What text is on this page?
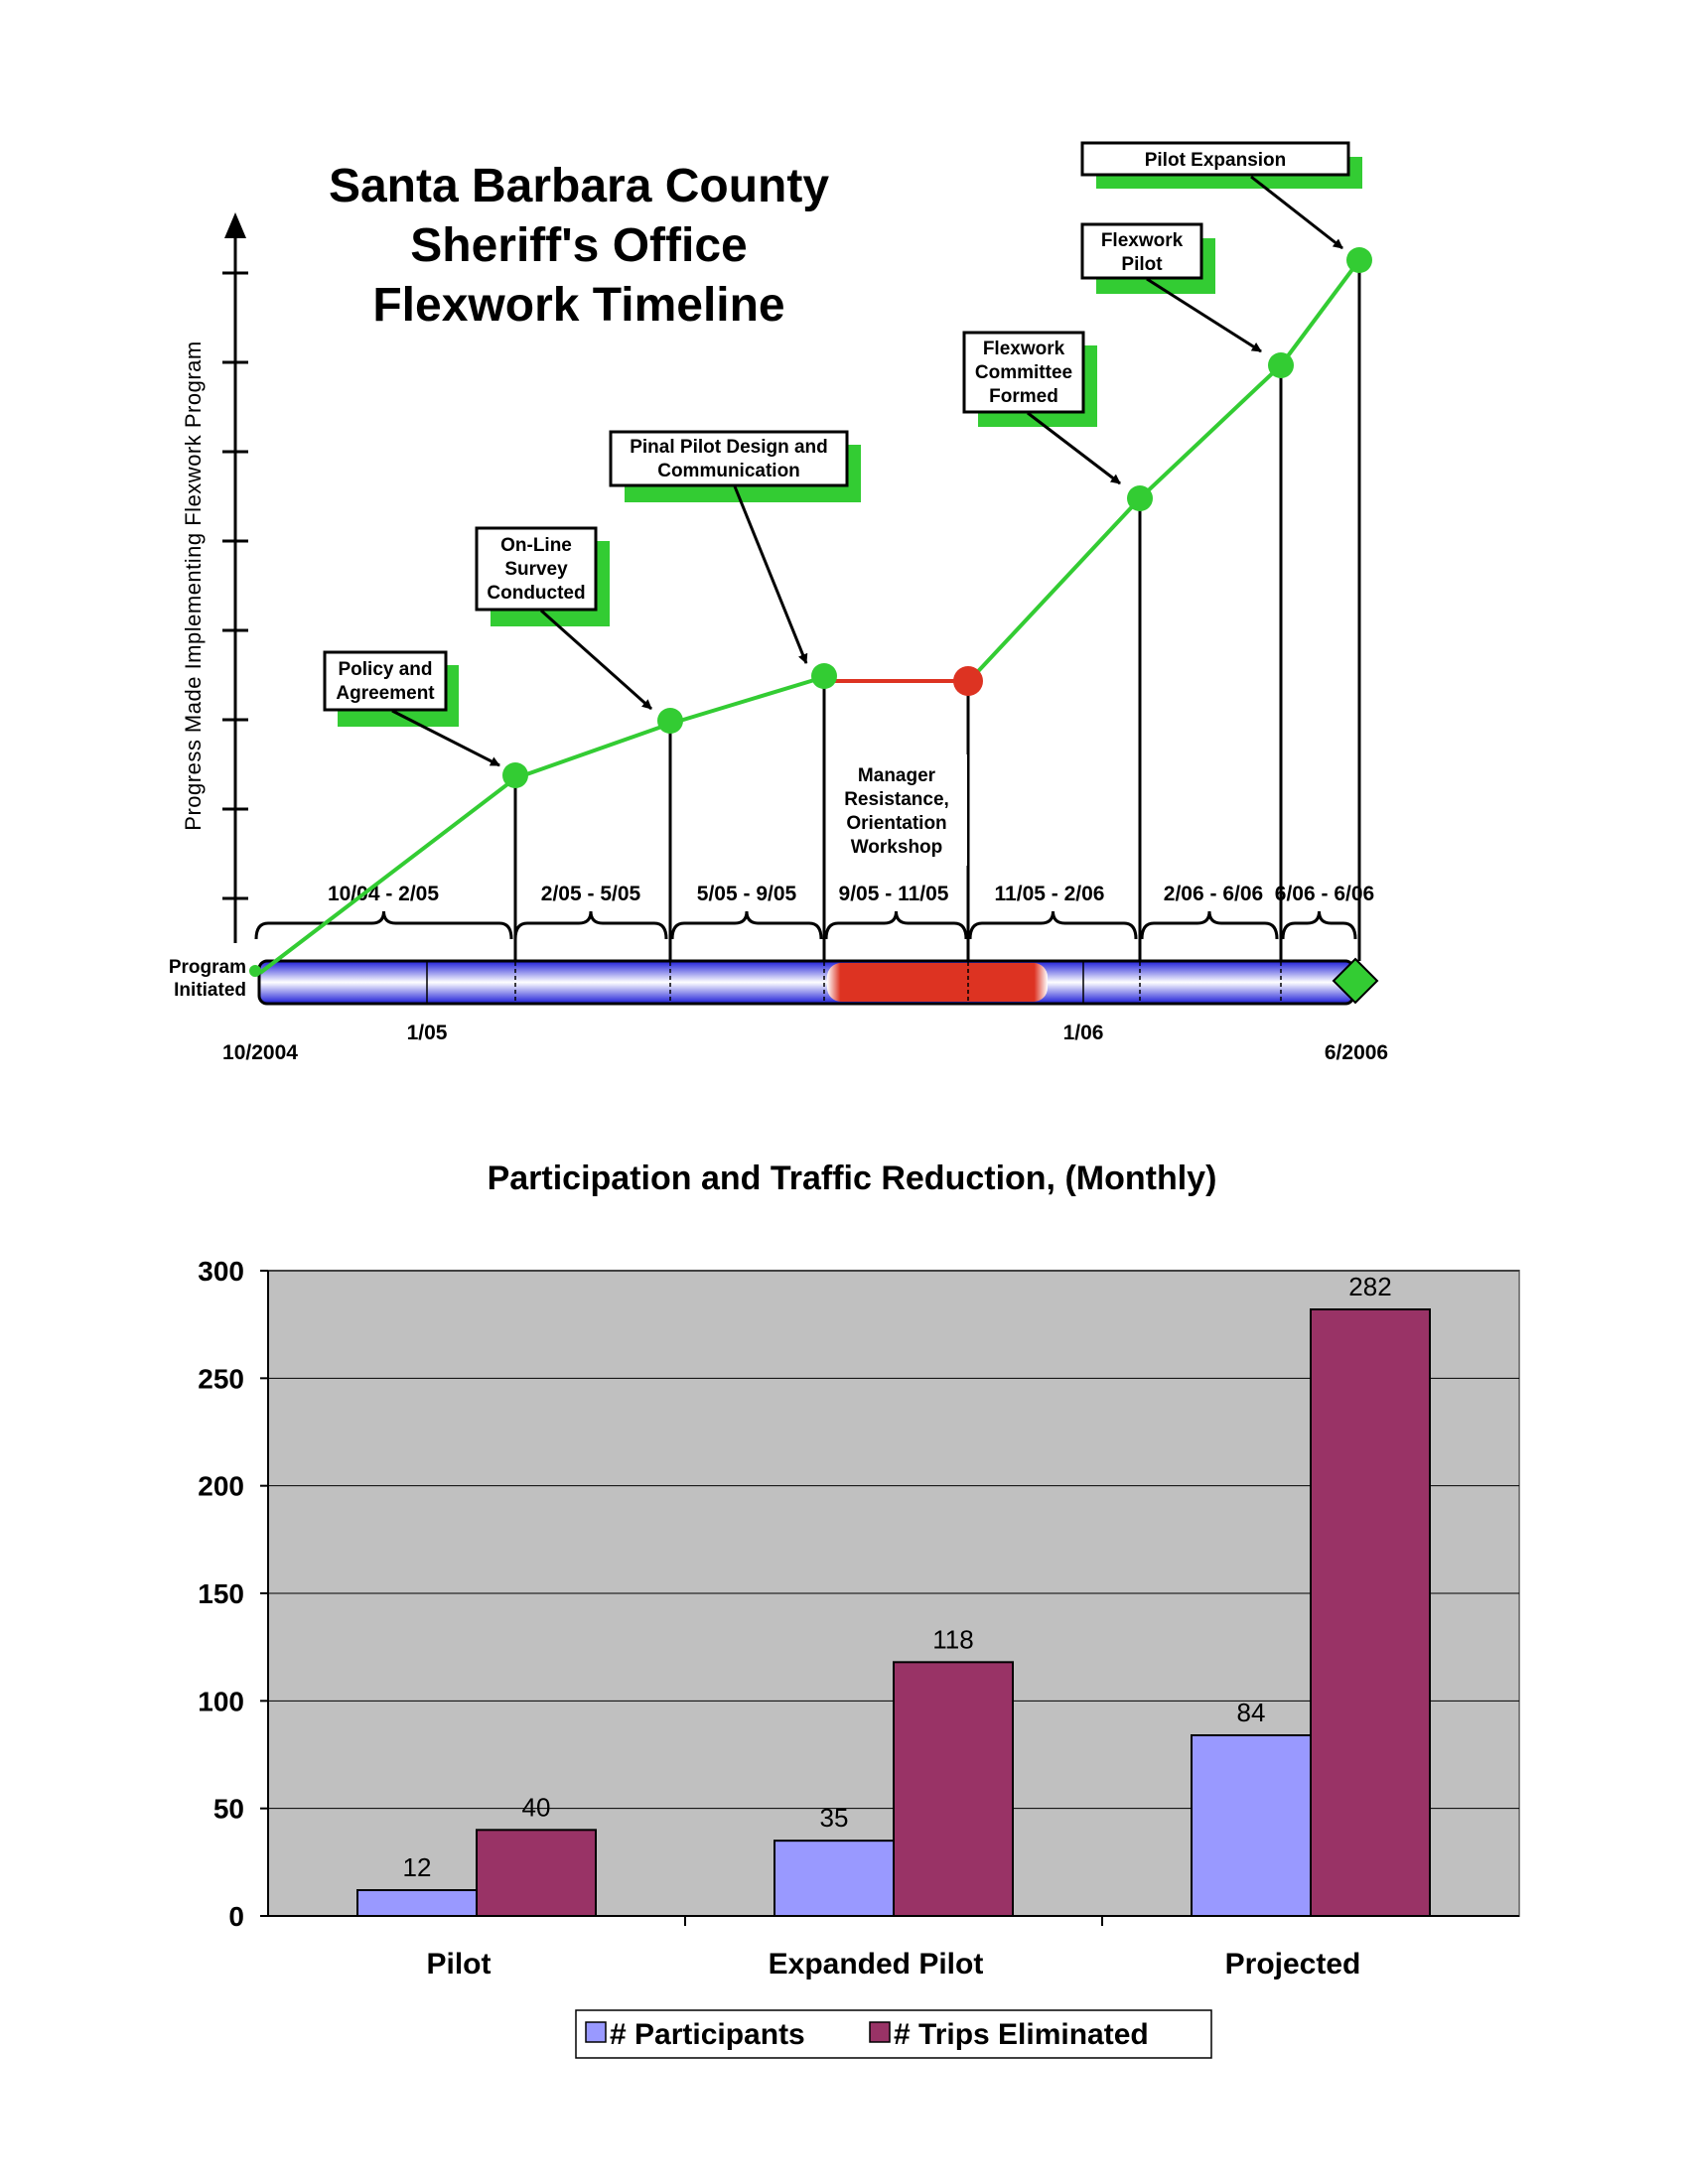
Santa Barbara County
Sheriff's Office
Flexwork Timeline
Progress Made Implementing Flexwork Program
Program
Initiated
10/2004
1/05	1/06
6/2006
10/04 - 2/05	2/05 - 5/05	5/05 - 9/05 9/05 - 11/05 11/05 - 2/06	2/06 - 6/06 6/06 - 6/06
Manager
Resistance,
Orientation
Workshop
Policy and
Agreement
On-Line
Survey
Conducted
Pinal Pilot Design and
Communication
Flexwork
Committee
Formed
Flexwork
Pilot
Pilot Expansion
Participation and Traffic Reduction, (Monthly)
0
50
100
150
200
250
300
12
40	35
118
84
282
Pilot	Expanded Pilot	Projected
# Participants	# Trips Eliminated
